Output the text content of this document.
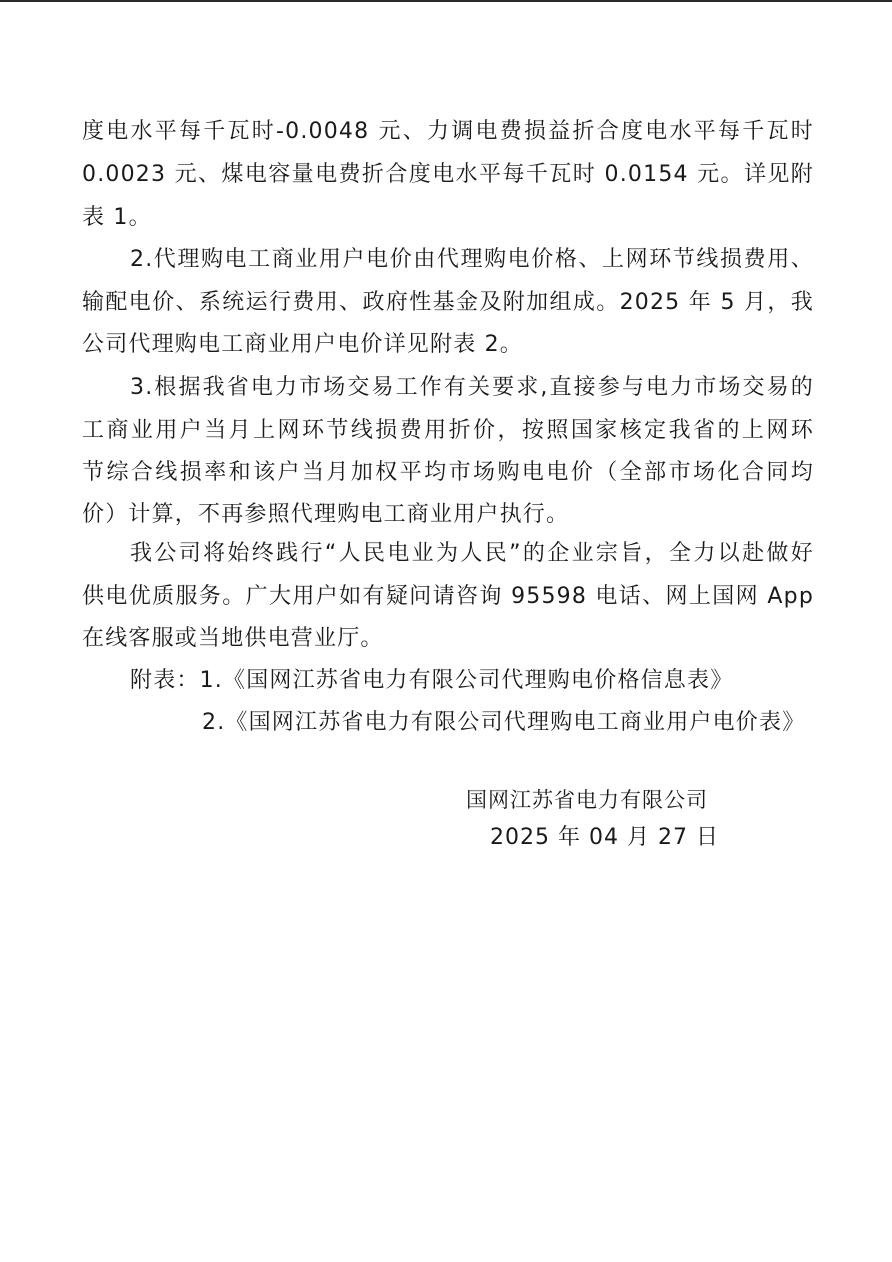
度电水平每千瓦时-0.0048 元、力调电费损益折合度电水平每千瓦时
0.0023 元、煤电容量电费折合度电水平每千瓦时 0.0154 元。详见附
表 1。
2.代理购电工商业用户电价由代理购电价格、上网环节线损费用、
输配电价、系统运行费用、政府性基金及附加组成。2025 年 5 月，我
公司代理购电工商业用户电价详见附表 2。
3.根据我省电力市场交易工作有关要求,直接参与电力市场交易的
工商业用户当月上网环节线损费用折价，按照国家核定我省的上网环
节综合线损率和该户当月加权平均市场购电电价（全部市场化合同均
价）计算，不再参照代理购电工商业用户执行。
我公司将始终践行“人民电业为人民”的企业宗旨，全力以赴做好
供电优质服务。广大用户如有疑问请咨询 95598 电话、网上国网 App
在线客服或当地供电营业厅。
附表：1.《国网江苏省电力有限公司代理购电价格信息表》
2.《国网江苏省电力有限公司代理购电工商业用户电价表》
国网江苏省电力有限公司
2025 年 04 月 27 日
